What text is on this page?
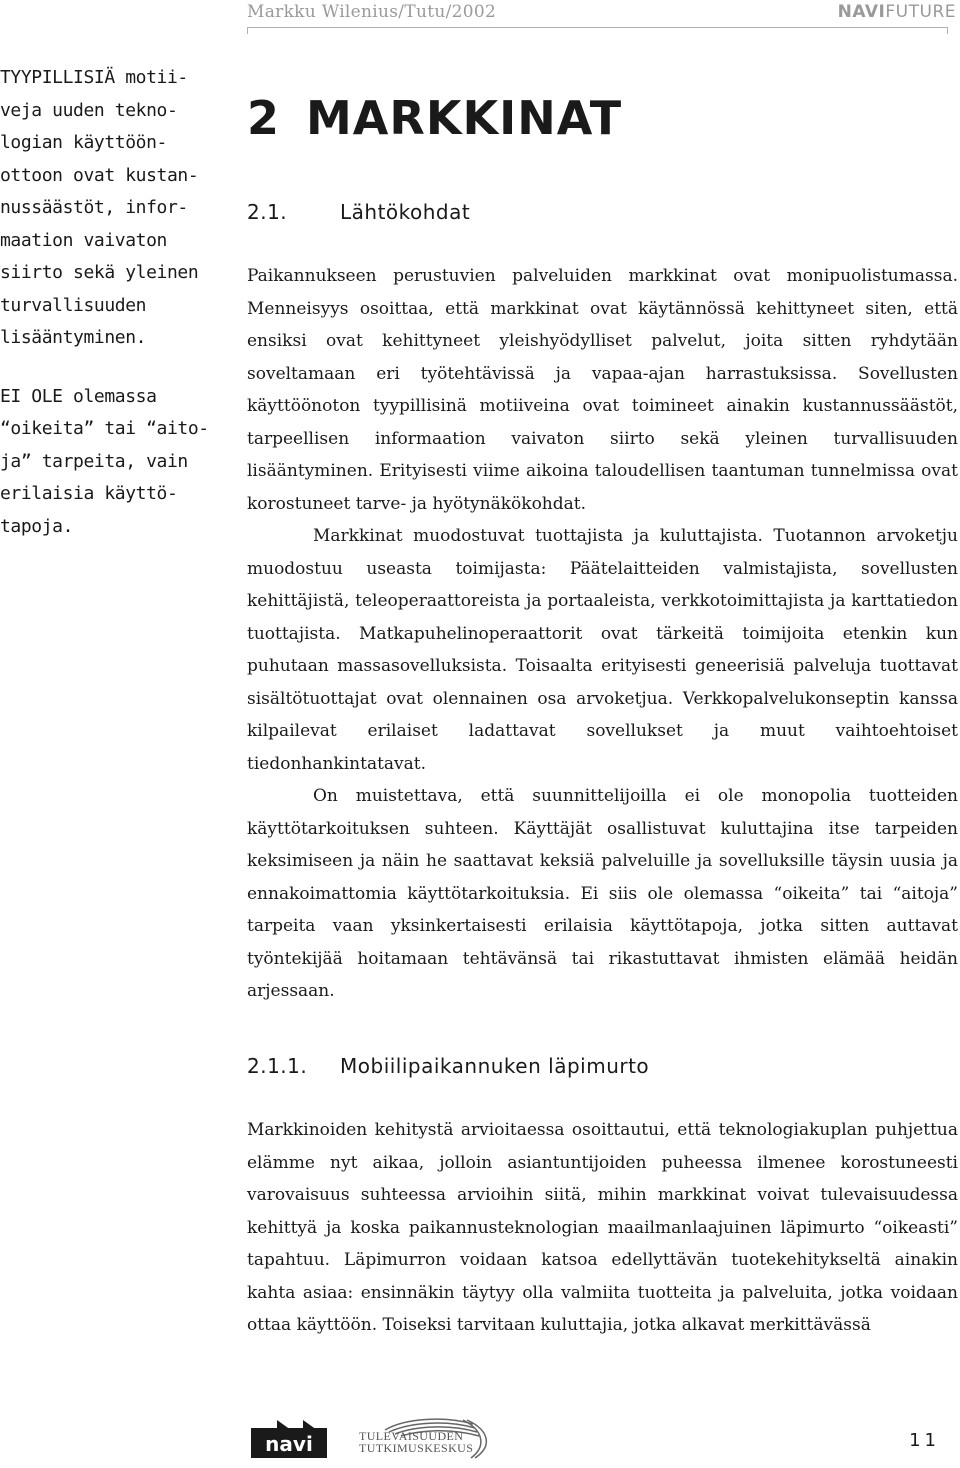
Markku Wilenius/Tutu/2002	NAVIFUTURE
TYYPILLISIÄ motii-
veja uuden tekno-
logian käyttöön-
ottoon ovat kustan-
nussäästöt, infor-
maation vaivaton
siirto sekä yleinen
turvallisuuden
lisääntyminen.
EI OLE olemassa
“oikeita” tai “aito-
ja” tarpeita, vain
erilaisia käyttö-
tapoja.
2 MARKKINAT
2.1.	Lähtökohdat

Paikannukseen perustuvien palveluiden markkinat ovat monipuolistumassa. Menneisyys osoittaa, että markkinat ovat käytännössä kehittyneet siten, että ensiksi ovat kehittyneet yleishyödylliset palvelut, joita sitten ryhdytään soveltamaan eri työtehtävissä ja vapaa-ajan harrastuksissa. Sovellusten käyttöönoton tyypillisinä motiiveina ovat toimineet ainakin kustannussäästöt, tarpeellisen informaation vaivaton siirto sekä yleinen turvallisuuden lisääntyminen. Erityisesti viime aikoina taloudellisen taantuman tunnelmissa ovat korostuneet tarve- ja hyötynäkökohdat.

Markkinat muodostuvat tuottajista ja kuluttajista. Tuotannon arvoketju muodostuu useasta toimijasta: Päätelaitteiden valmistajista, sovellusten kehittäjistä, teleoperaattoreista ja portaaleista, verkkotoimittajista ja karttatiedon tuottajista. Matkapuhelinoperaattorit ovat tärkeitä toimijoita etenkin kun puhutaan massasovelluksista. Toisaalta erityisesti geneerisiä palveluja tuottavat sisältötuottajat ovat olennainen osa arvoketjua. Verkkopalvelukonseptin kanssa kilpailevat erilaiset ladattavat sovellukset ja muut vaihtoehtoiset tiedonhankintatavat.

On muistettava, että suunnittelijoilla ei ole monopolia tuotteiden käyttötarkoituksen suhteen. Käyttäjät osallistuvat kuluttajina itse tarpeiden keksimiseen ja näin he saattavat keksiä palveluille ja sovelluksille täysin uusia ja ennakoimattomia käyttötarkoituksia. Ei siis ole olemassa “oikeita” tai “aitoja” tarpeita vaan yksinkertaisesti erilaisia käyttötapoja, jotka sitten auttavat työntekijää hoitamaan tehtävänsä tai rikastuttavat ihmisten elämää heidän arjessaan.

2.1.1. Mobiilipaikannuken läpimurto

Markkinoiden kehitystä arvioitaessa osoittautui, että teknologiakuplan puhjettua elämme nyt aikaa, jolloin asiantuntijoiden puheessa ilmenee korostuneesti varovaisuus suhteessa arvioihin siitä, mihin markkinat voivat tulevaisuudessa kehittyä ja koska paikannusteknologian maailmanlaajuinen läpimurto “oikeasti” tapahtuu. Läpimurron voidaan katsoa edellyttävän tuotekehitykseltä ainakin kahta asiaa: ensinnäkin täytyy olla valmiita tuotteita ja palveluita, jotka voidaan ottaa käyttöön. Toiseksi tarvitaan kuluttajia, jotka alkavat merkittävässä

navi	TULEVAISUUDEN
TUTKIMUSKESKUS	11
